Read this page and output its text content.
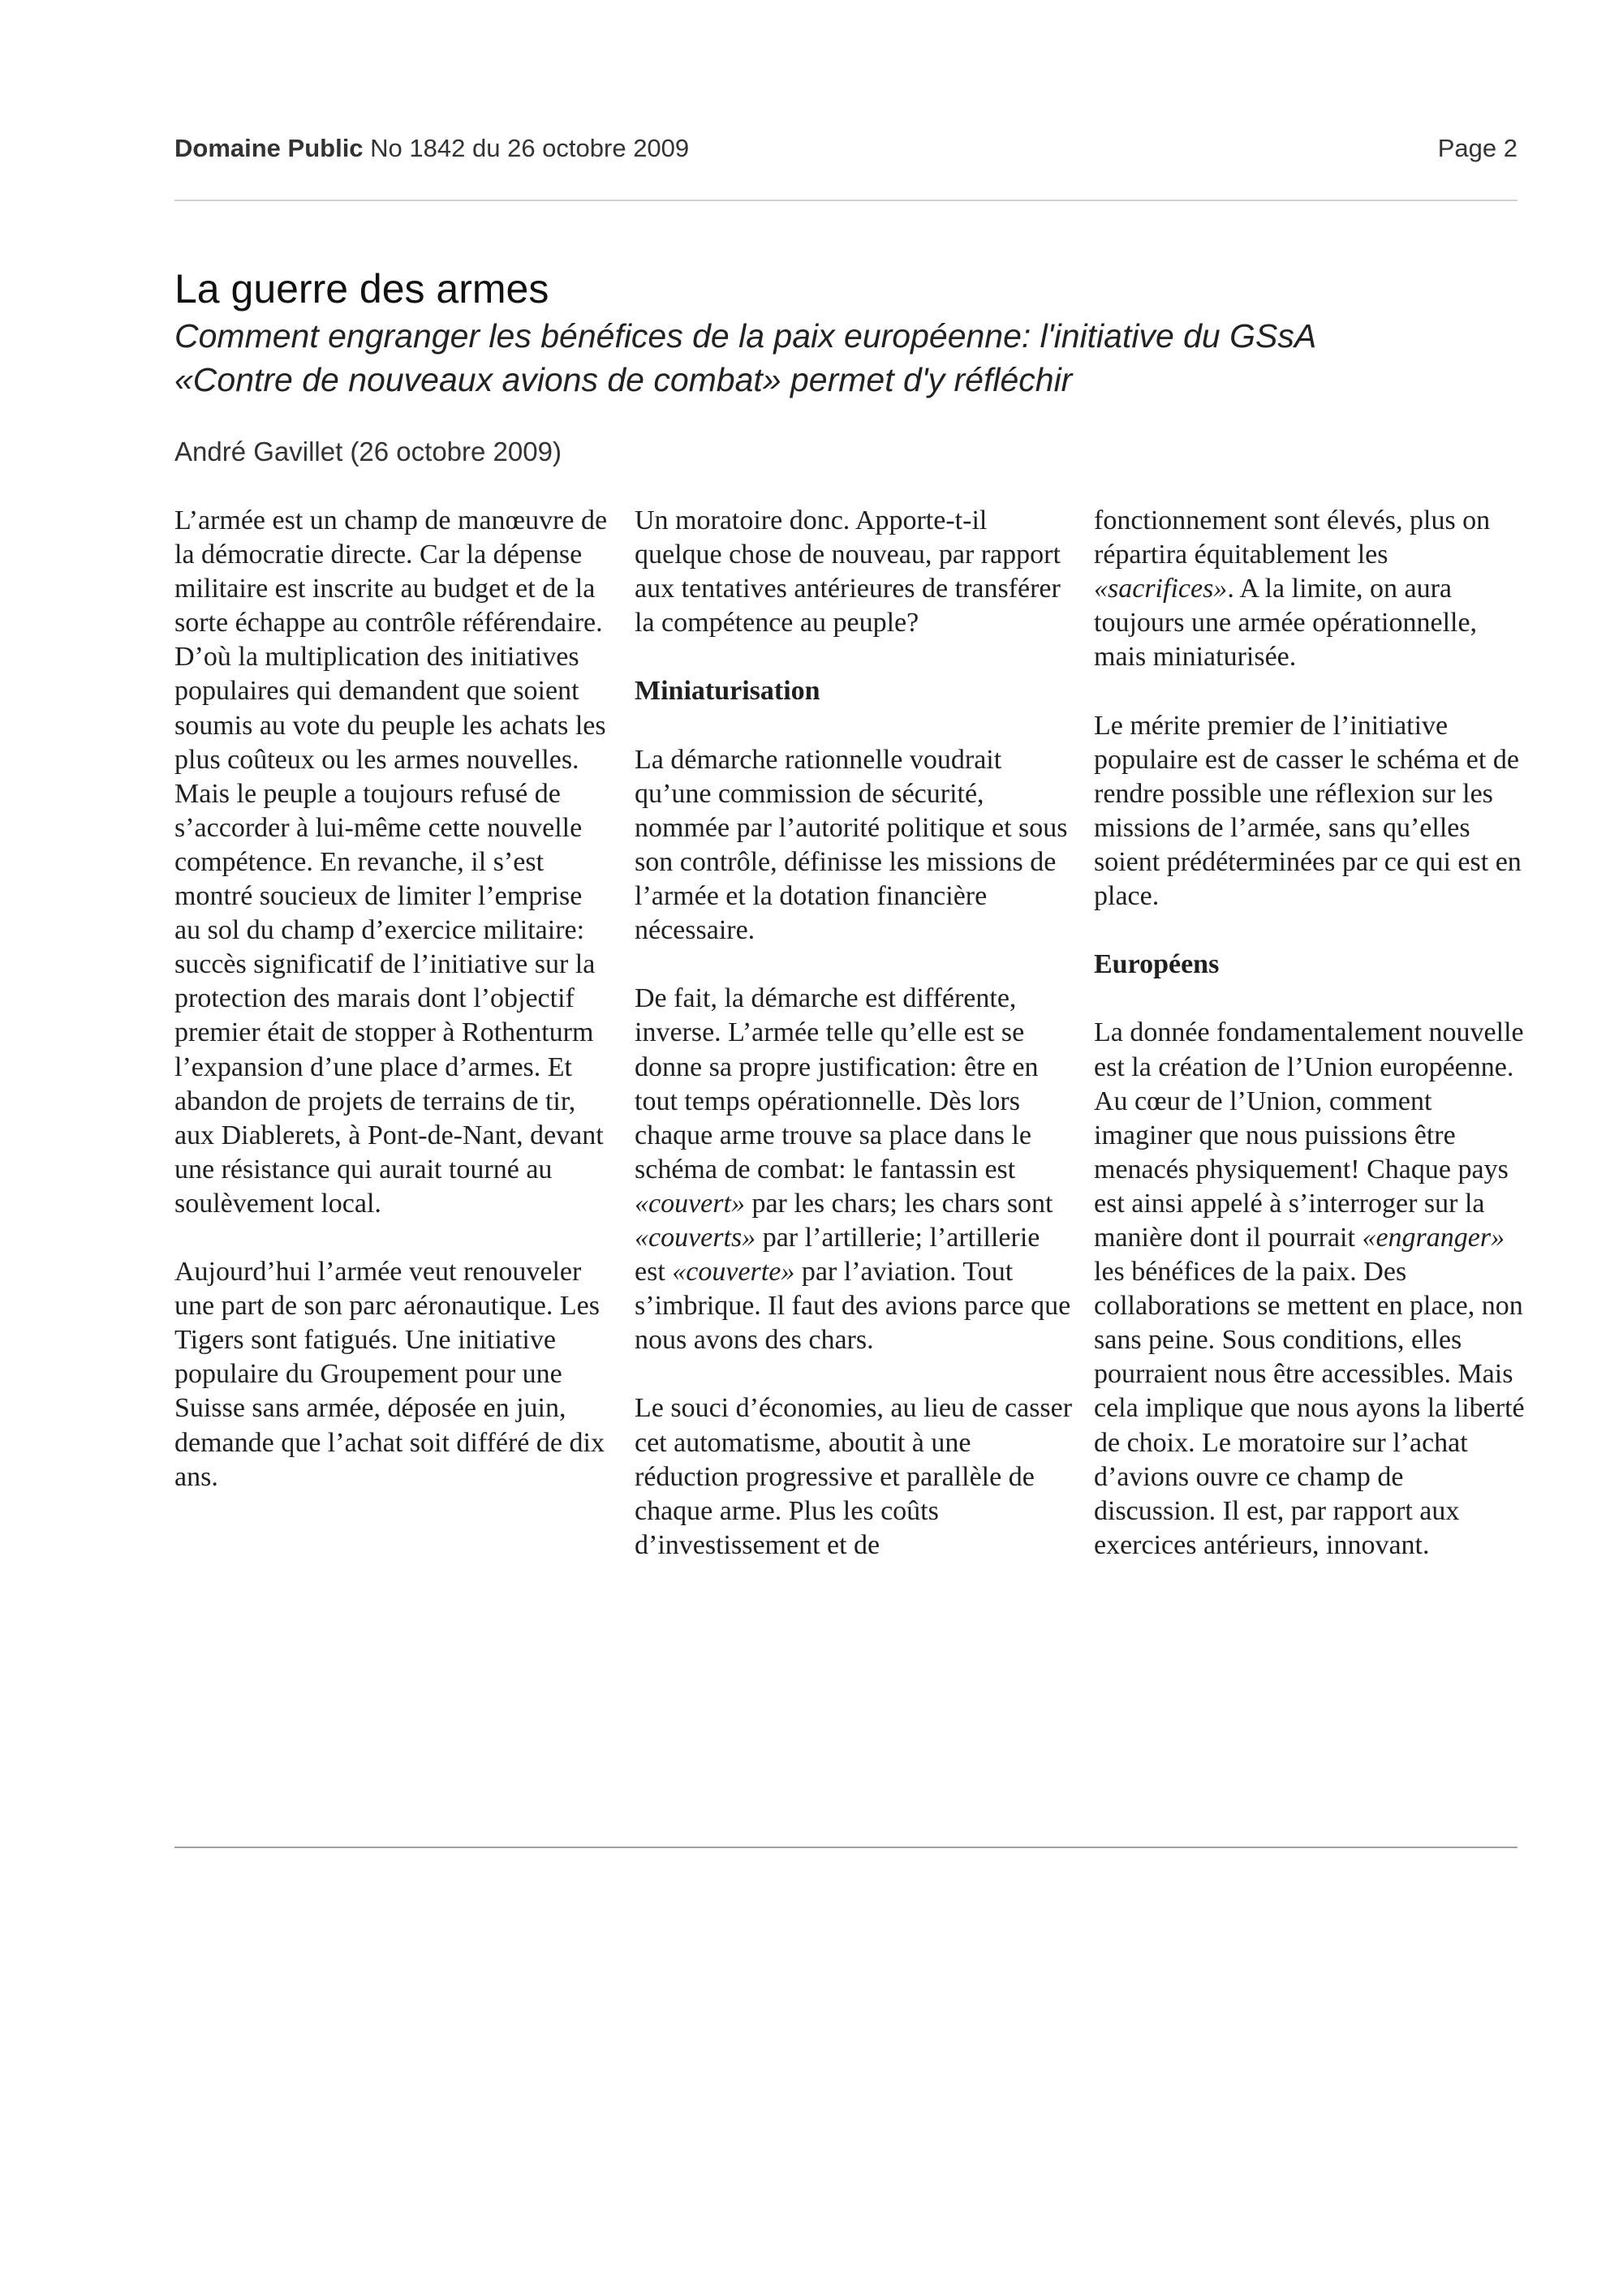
Domaine Public No 1842 du 26 octobre 2009	Page 2
La guerre des armes
Comment engranger les bénéfices de la paix européenne: l'initiative du GSsA
«Contre de nouveaux avions de combat» permet d'y réfléchir

André Gavillet (26 octobre 2009)

L’armée est un champ de manœuvre de la démocratie directe. Car la dépense militaire est inscrite au budget et de la sorte échappe au contrôle référendaire. D’où la multiplication des initiatives populaires qui demandent que soient soumis au vote du peuple les achats les plus coûteux ou les armes nouvelles. Mais le peuple a toujours refusé de s’accorder à lui-même cette nouvelle compétence. En revanche, il s’est montré soucieux de limiter l’emprise au sol du champ d’exercice militaire: succès significatif de l’initiative sur la protection des marais dont l’objectif premier était de stopper à Rothenturm l’expansion d’une place d’armes. Et abandon de projets de terrains de tir, aux Diablerets, à Pont-de-Nant, devant une résistance qui aurait tourné au soulèvement local.

Aujourd’hui l’armée veut renouveler une part de son parc aéronautique. Les Tigers sont fatigués. Une initiative populaire du Groupement pour une Suisse sans armée, déposée en juin, demande que l’achat soit différé de dix ans.

Un moratoire donc. Apporte-t-il quelque chose de nouveau, par rapport aux tentatives antérieures de transférer la compétence au peuple?

Miniaturisation

La démarche rationnelle voudrait qu’une commission de sécurité, nommée par l’autorité politique et sous son contrôle, définisse les missions de l’armée et la dotation financière nécessaire.

De fait, la démarche est différente, inverse. L’armée telle qu’elle est se donne sa propre justification: être en tout temps opérationnelle. Dès lors chaque arme trouve sa place dans le schéma de combat: le fantassin est «couvert» par les chars; les chars sont «couverts» par l’artillerie; l’artillerie est «couverte» par l’aviation. Tout s’imbrique. Il faut des avions parce que nous avons des chars.

Le souci d’économies, au lieu de casser cet automatisme, aboutit à une réduction progressive et parallèle de chaque arme. Plus les coûts d’investissement et de

fonctionnement sont élevés, plus on répartira équitablement les «sacrifices». A la limite, on aura toujours une armée opérationnelle, mais miniaturisée.

Le mérite premier de l’initiative populaire est de casser le schéma et de rendre possible une réflexion sur les missions de l’armée, sans qu’elles soient prédéterminées par ce qui est en place.

Européens

La donnée fondamentalement nouvelle est la création de l’Union européenne. Au cœur de l’Union, comment imaginer que nous puissions être menacés physiquement! Chaque pays est ainsi appelé à s’interroger sur la manière dont il pourrait «engranger» les bénéfices de la paix. Des collaborations se mettent en place, non sans peine. Sous conditions, elles pourraient nous être accessibles. Mais cela implique que nous ayons la liberté de choix. Le moratoire sur l’achat d’avions ouvre ce champ de discussion. Il est, par rapport aux exercices antérieurs, innovant.
